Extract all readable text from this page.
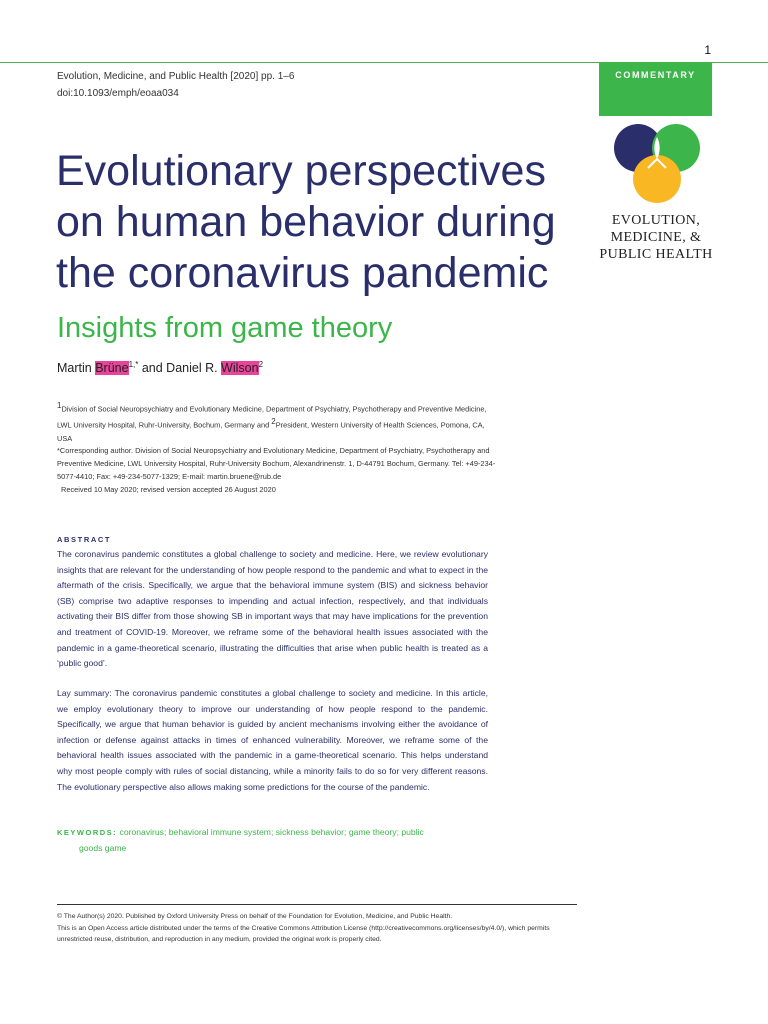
1
Evolution, Medicine, and Public Health [2020] pp. 1–6
doi:10.1093/emph/eoaa034
COMMENTARY
EVOLUTION,
MEDICINE, &
PUBLIC HEALTH
Evolutionary perspectives on human behavior during the coronavirus pandemic
Insights from game theory
Martin Brüne$^{1,*}$ and Daniel R. Wilson$^2$
$^1$Division of Social Neuropsychiatry and Evolutionary Medicine, Department of Psychiatry, Psychotherapy and Preventive Medicine, LWL University Hospital, Ruhr-University, Bochum, Germany and $^2$President, Western University of Health Sciences, Pomona, CA, USA
*Corresponding author. Division of Social Neuropsychiatry and Evolutionary Medicine, Department of Psychiatry, Psychotherapy and Preventive Medicine, LWL University Hospital, Ruhr-University Bochum, Alexandrinenstr. 1, D-44791 Bochum, Germany. Tel: +49-234-5077-4410; Fax: +49-234-5077-1329; E-mail: martin.bruene@rub.de
Received 10 May 2020; revised version accepted 26 August 2020
ABSTRACT

The coronavirus pandemic constitutes a global challenge to society and medicine. Here, we review evolutionary insights that are relevant for the understanding of how people respond to the pandemic and what to expect in the aftermath of the crisis. Specifically, we argue that the behavioral immune system (BIS) and sickness behavior (SB) comprise two adaptive responses to impending and actual infection, respectively, and that individuals activating their BIS differ from those showing SB in important ways that may have implications for the prevention and treatment of COVID-19. Moreover, we reframe some of the behavioral health issues associated with the pandemic in a game-theoretical scenario, illustrating the difficulties that arise when public health is treated as a ‘public good’.

Lay summary: The coronavirus pandemic constitutes a global challenge to society and medicine. In this article, we employ evolutionary theory to improve our understanding of how people respond to the pandemic. Specifically, we argue that human behavior is guided by ancient mechanisms involving either the avoidance of infection or defense against attacks in times of enhanced vulnerability. Moreover, we reframe some of the behavioral health issues associated with the pandemic in a game-theoretical scenario. This helps understand why most people comply with rules of social distancing, while a minority fails to do so for very different reasons. The evolutionary perspective also allows making some predictions for the course of the pandemic.

KEYWORDS: coronavirus; behavioral immune system; sickness behavior; game theory; public
goods game
© The Author(s) 2020. Published by Oxford University Press on behalf of the Foundation for Evolution, Medicine, and Public Health.
This is an Open Access article distributed under the terms of the Creative Commons Attribution License (http://creativecommons.org/licenses/by/4.0/), which permits unrestricted reuse, distribution, and reproduction in any medium, provided the original work is properly cited.
